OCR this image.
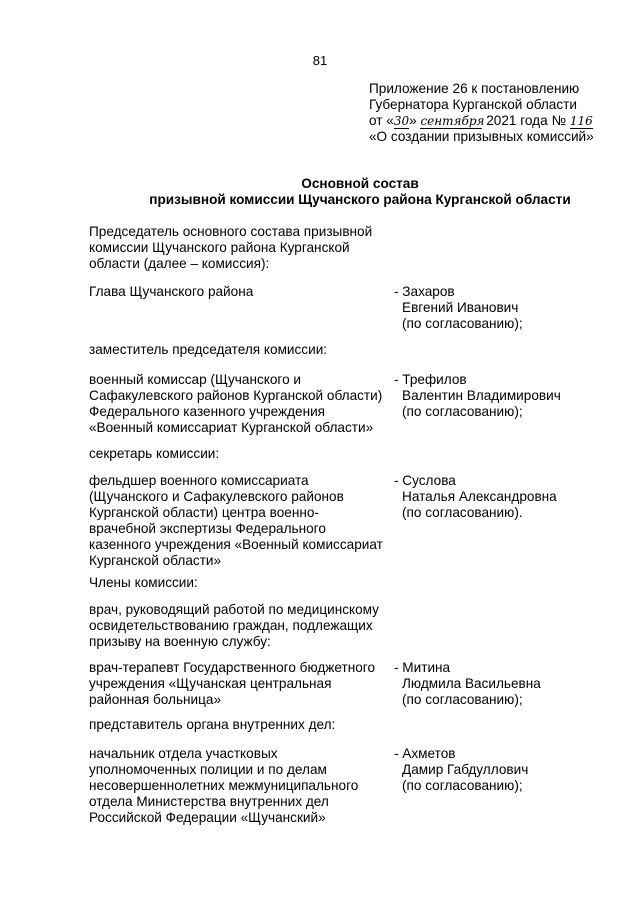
81
Приложение 26 к постановлению
Губернатора Курганской области
от «30» сентября 2021 года № 116
«О создании призывных комиссий»
Основной состав
призывной комиссии Щучанского района Курганской области
Председатель основного состава призывной
комиссии Щучанского района Курганской
области (далее – комиссия):
Глава Щучанского района	- Захаров
Евгений Иванович
(по согласованию);
заместитель председателя комиссии:
военный комиссар (Щучанского и
Сафакулевского районов Курганской области)
Федерального казенного учреждения
«Военный комиссариат Курганской области»
- Трефилов
Валентин Владимирович
(по согласованию);
секретарь комиссии:
фельдшер военного комиссариата
(Щучанского и Сафакулевского районов
Курганской области) центра военно-
врачебной экспертизы Федерального
казенного учреждения «Военный комиссариат
Курганской области»
- Суслова
Наталья Александровна
(по согласованию).
Члены комиссии:
врач, руководящий работой по медицинскому
освидетельствованию граждан, подлежащих
призыву на военную службу:
врач-терапевт Государственного бюджетного
учреждения «Щучанская центральная
районная больница»
- Митина
Людмила Васильевна
(по согласованию);
представитель органа внутренних дел:
начальник отдела участковых
уполномоченных полиции и по делам
несовершеннолетних межмуниципального
отдела Министерства внутренних дел
Российской Федерации «Щучанский»
- Ахметов
Дамир Габдуллович
(по согласованию);
